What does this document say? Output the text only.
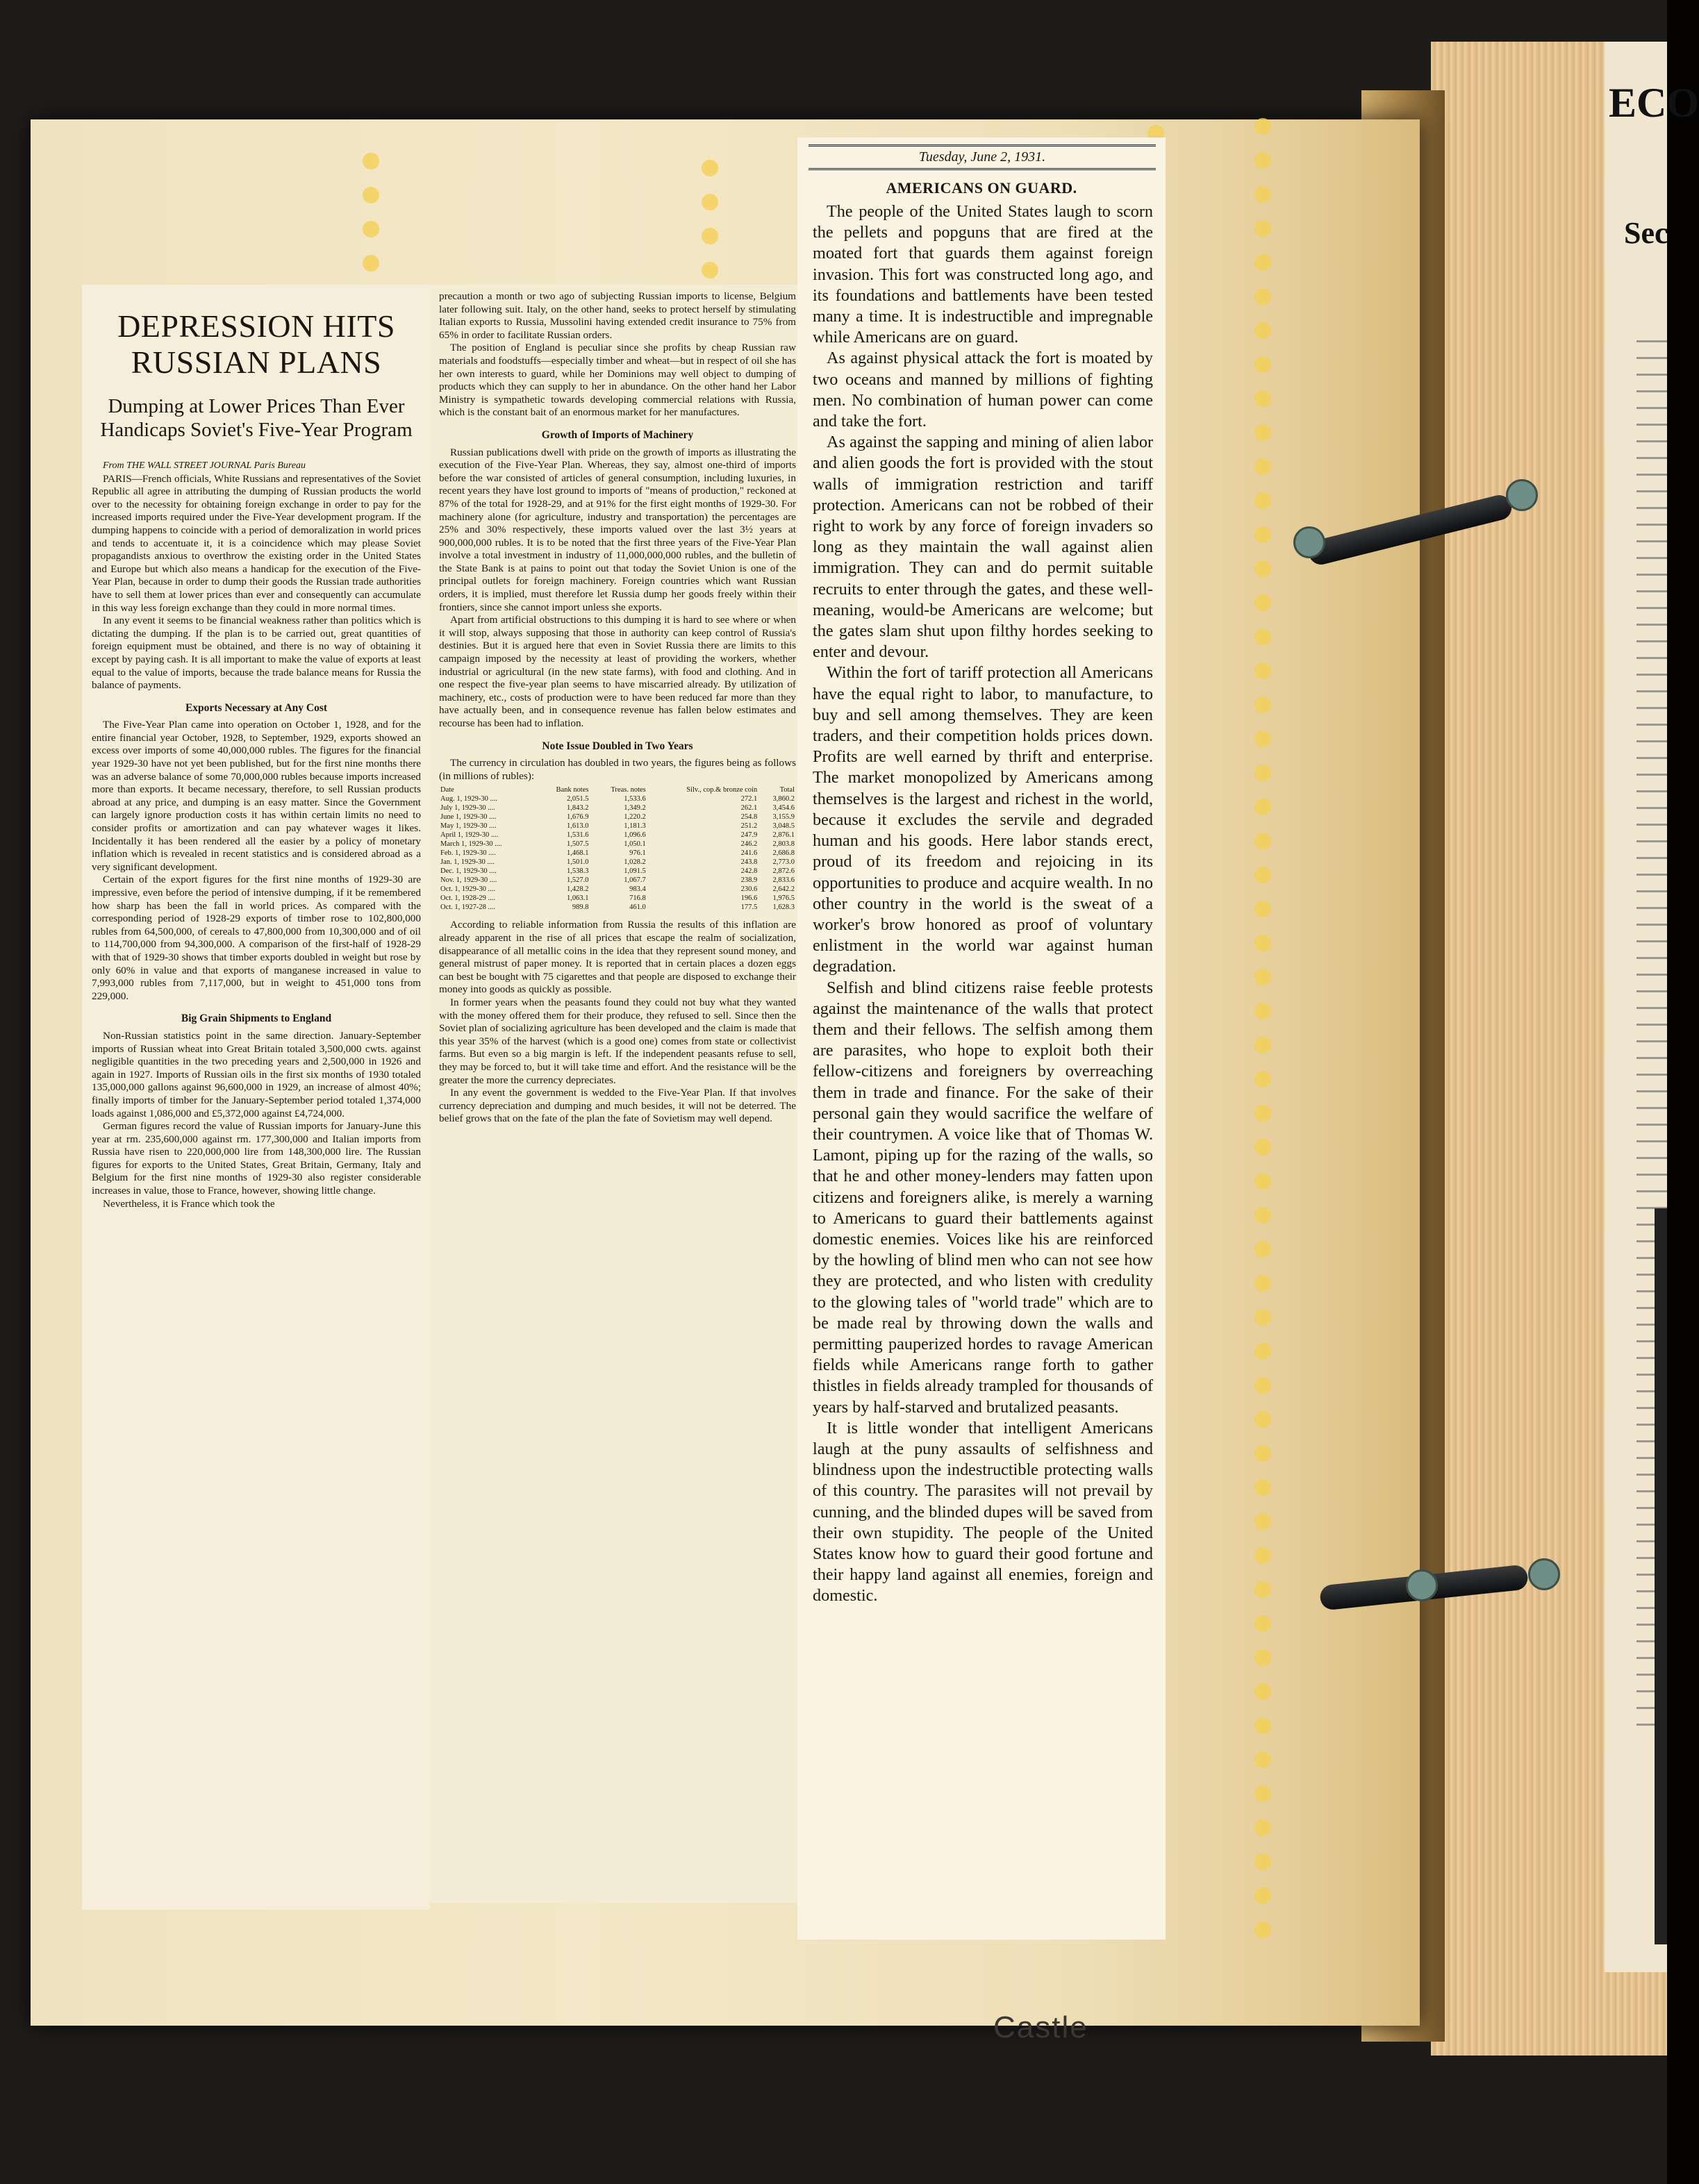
ECO
Sec
DEPRESSION HITS RUSSIAN PLANS
Dumping at Lower Prices Than Ever Handicaps Soviet's Five-Year Program

From THE WALL STREET JOURNAL Paris Bureau

PARIS—French officials, White Russians and representatives of the Soviet Republic all agree in attributing the dumping of Russian products the world over to the necessity for obtaining foreign exchange in order to pay for the increased imports required under the Five-Year development program. If the dumping happens to coincide with a period of demoralization in world prices and tends to accentuate it, it is a coincidence which may please Soviet propagandists anxious to overthrow the existing order in the United States and Europe but which also means a handicap for the execution of the Five-Year Plan, because in order to dump their goods the Russian trade authorities have to sell them at lower prices than ever and consequently can accumulate in this way less foreign exchange than they could in more normal times.

In any event it seems to be financial weakness rather than politics which is dictating the dumping. If the plan is to be carried out, great quantities of foreign equipment must be obtained, and there is no way of obtaining it except by paying cash. It is all important to make the value of exports at least equal to the value of imports, because the trade balance means for Russia the balance of payments.

Exports Necessary at Any Cost

The Five-Year Plan came into operation on October 1, 1928, and for the entire financial year October, 1928, to September, 1929, exports showed an excess over imports of some 40,000,000 rubles. The figures for the financial year 1929-30 have not yet been published, but for the first nine months there was an adverse balance of some 70,000,000 rubles because imports increased more than exports. It became necessary, therefore, to sell Russian products abroad at any price, and dumping is an easy matter. Since the Government can largely ignore production costs it has within certain limits no need to consider profits or amortization and can pay whatever wages it likes. Incidentally it has been rendered all the easier by a policy of monetary inflation which is revealed in recent statistics and is considered abroad as a very significant development.

Certain of the export figures for the first nine months of 1929-30 are impressive, even before the period of intensive dumping, if it be remembered how sharp has been the fall in world prices. As compared with the corresponding period of 1928-29 exports of timber rose to 102,800,000 rubles from 64,500,000, of cereals to 47,800,000 from 10,300,000 and of oil to 114,700,000 from 94,300,000. A comparison of the first-half of 1928-29 with that of 1929-30 shows that timber exports doubled in weight but rose by only 60% in value and that exports of manganese increased in value to 7,993,000 rubles from 7,117,000, but in weight to 451,000 tons from 229,000.

Big Grain Shipments to England

Non-Russian statistics point in the same direction. January-September imports of Russian wheat into Great Britain totaled 3,500,000 cwts. against negligible quantities in the two preceding years and 2,500,000 in 1926 and again in 1927. Imports of Russian oils in the first six months of 1930 totaled 135,000,000 gallons against 96,600,000 in 1929, an increase of almost 40%; finally imports of timber for the January-September period totaled 1,374,000 loads against 1,086,000 and £5,372,000 against £4,724,000.

German figures record the value of Russian imports for January-June this year at rm. 235,600,000 against rm. 177,300,000 and Italian imports from Russia have risen to 220,000,000 lire from 148,300,000 lire. The Russian figures for exports to the United States, Great Britain, Germany, Italy and Belgium for the first nine months of 1929-30 also register considerable increases in value, those to France, however, showing little change.

Nevertheless, it is France which took the

precaution a month or two ago of subjecting Russian imports to license, Belgium later following suit. Italy, on the other hand, seeks to protect herself by stimulating Italian exports to Russia, Mussolini having extended credit insurance to 75% from 65% in order to facilitate Russian orders.

The position of England is peculiar since she profits by cheap Russian raw materials and foodstuffs—especially timber and wheat—but in respect of oil she has her own interests to guard, while her Dominions may well object to dumping of products which they can supply to her in abundance. On the other hand her Labor Ministry is sympathetic towards developing commercial relations with Russia, which is the constant bait of an enormous market for her manufactures.

Growth of Imports of Machinery

Russian publications dwell with pride on the growth of imports as illustrating the execution of the Five-Year Plan. Whereas, they say, almost one-third of imports before the war consisted of articles of general consumption, including luxuries, in recent years they have lost ground to imports of "means of production," reckoned at 87% of the total for 1928-29, and at 91% for the first eight months of 1929-30. For machinery alone (for agriculture, industry and transportation) the percentages are 25% and 30% respectively, these imports valued over the last 3½ years at 900,000,000 rubles. It is to be noted that the first three years of the Five-Year Plan involve a total investment in industry of 11,000,000,000 rubles, and the bulletin of the State Bank is at pains to point out that today the Soviet Union is one of the principal outlets for foreign machinery. Foreign countries which want Russian orders, it is implied, must therefore let Russia dump her goods freely within their frontiers, since she cannot import unless she exports.

Apart from artificial obstructions to this dumping it is hard to see where or when it will stop, always supposing that those in authority can keep control of Russia's destinies. But it is argued here that even in Soviet Russia there are limits to this campaign imposed by the necessity at least of providing the workers, whether industrial or agricultural (in the new state farms), with food and clothing. And in one respect the five-year plan seems to have miscarried already. By utilization of machinery, etc., costs of production were to have been reduced far more than they have actually been, and in consequence revenue has fallen below estimates and recourse has been had to inflation.

Note Issue Doubled in Two Years

The currency in circulation has doubled in two years, the figures being as follows (in millions of rubles):

Date	Bank notes	Treas. notes	Silv., cop.& bronze coin	Total
Aug. 1, 1929-30 ....	2,051.5	1,533.6	272.1	3,860.2
July 1, 1929-30 ....	1,843.2	1,349.2	262.1	3,454.6
June 1, 1929-30 ....	1,676.9	1,220.2	254.8	3,155.9
May 1, 1929-30 ....	1,613.0	1,181.3	251.2	3,048.5
April 1, 1929-30 ....	1,531.6	1,096.6	247.9	2,876.1
March 1, 1929-30 ....	1,507.5	1,050.1	246.2	2,803.8
Feb. 1, 1929-30 ....	1,468.1	976.1	241.6	2,686.8
Jan. 1, 1929-30 ....	1,501.0	1,028.2	243.8	2,773.0
Dec. 1, 1929-30 ....	1,538.3	1,091.5	242.8	2,872.6
Nov. 1, 1929-30 ....	1,527.0	1,067.7	238.9	2,833.6
Oct. 1, 1929-30 ....	1,428.2	983.4	230.6	2,642.2
Oct. 1, 1928-29 ....	1,063.1	716.8	196.6	1,976.5
Oct. 1, 1927-28 ....	989.8	461.0	177.5	1,628.3

According to reliable information from Russia the results of this inflation are already apparent in the rise of all prices that escape the realm of socialization, disappearance of all metallic coins in the idea that they represent sound money, and general mistrust of paper money. It is reported that in certain places a dozen eggs can best be bought with 75 cigarettes and that people are disposed to exchange their money into goods as quickly as possible.

In former years when the peasants found they could not buy what they wanted with the money offered them for their produce, they refused to sell. Since then the Soviet plan of socializing agriculture has been developed and the claim is made that this year 35% of the harvest (which is a good one) comes from state or collectivist farms. But even so a big margin is left. If the independent peasants refuse to sell, they may be forced to, but it will take time and effort. And the resistance will be the greater the more the currency depreciates.

In any event the government is wedded to the Five-Year Plan. If that involves currency depreciation and dumping and much besides, it will not be deterred. The belief grows that on the fate of the plan the fate of Sovietism may well depend.

Tuesday, June 2, 1931.
AMERICANS ON GUARD.

The people of the United States laugh to scorn the pellets and popguns that are fired at the moated fort that guards them against foreign invasion. This fort was constructed long ago, and its foundations and battlements have been tested many a time. It is indestructible and impregnable while Americans are on guard.

As against physical attack the fort is moated by two oceans and manned by millions of fighting men. No combination of human power can come and take the fort.

As against the sapping and mining of alien labor and alien goods the fort is provided with the stout walls of immigration restriction and tariff protection. Americans can not be robbed of their right to work by any force of foreign invaders so long as they maintain the wall against alien immigration. They can and do permit suitable recruits to enter through the gates, and these well-meaning, would-be Americans are welcome; but the gates slam shut upon filthy hordes seeking to enter and devour.

Within the fort of tariff protection all Americans have the equal right to labor, to manufacture, to buy and sell among themselves. They are keen traders, and their competition holds prices down. Profits are well earned by thrift and enterprise. The market monopolized by Americans among themselves is the largest and richest in the world, because it excludes the servile and degraded human and his goods. Here labor stands erect, proud of its freedom and rejoicing in its opportunities to produce and acquire wealth. In no other country in the world is the sweat of a worker's brow honored as proof of voluntary enlistment in the world war against human degradation.

Selfish and blind citizens raise feeble protests against the maintenance of the walls that protect them and their fellows. The selfish among them are parasites, who hope to exploit both their fellow-citizens and foreigners by overreaching them in trade and finance. For the sake of their personal gain they would sacrifice the welfare of their countrymen. A voice like that of Thomas W. Lamont, piping up for the razing of the walls, so that he and other money-lenders may fatten upon citizens and foreigners alike, is merely a warning to Americans to guard their battlements against domestic enemies. Voices like his are reinforced by the howling of blind men who can not see how they are protected, and who listen with credulity to the glowing tales of "world trade" which are to be made real by throwing down the walls and permitting pauperized hordes to ravage American fields while Americans range forth to gather thistles in fields already trampled for thousands of years by half-starved and brutalized peasants.

It is little wonder that intelligent Americans laugh at the puny assaults of selfishness and blindness upon the indestructible protecting walls of this country. The parasites will not prevail by cunning, and the blinded dupes will be saved from their own stupidity. The people of the United States know how to guard their good fortune and their happy land against all enemies, foreign and domestic.

Castle
